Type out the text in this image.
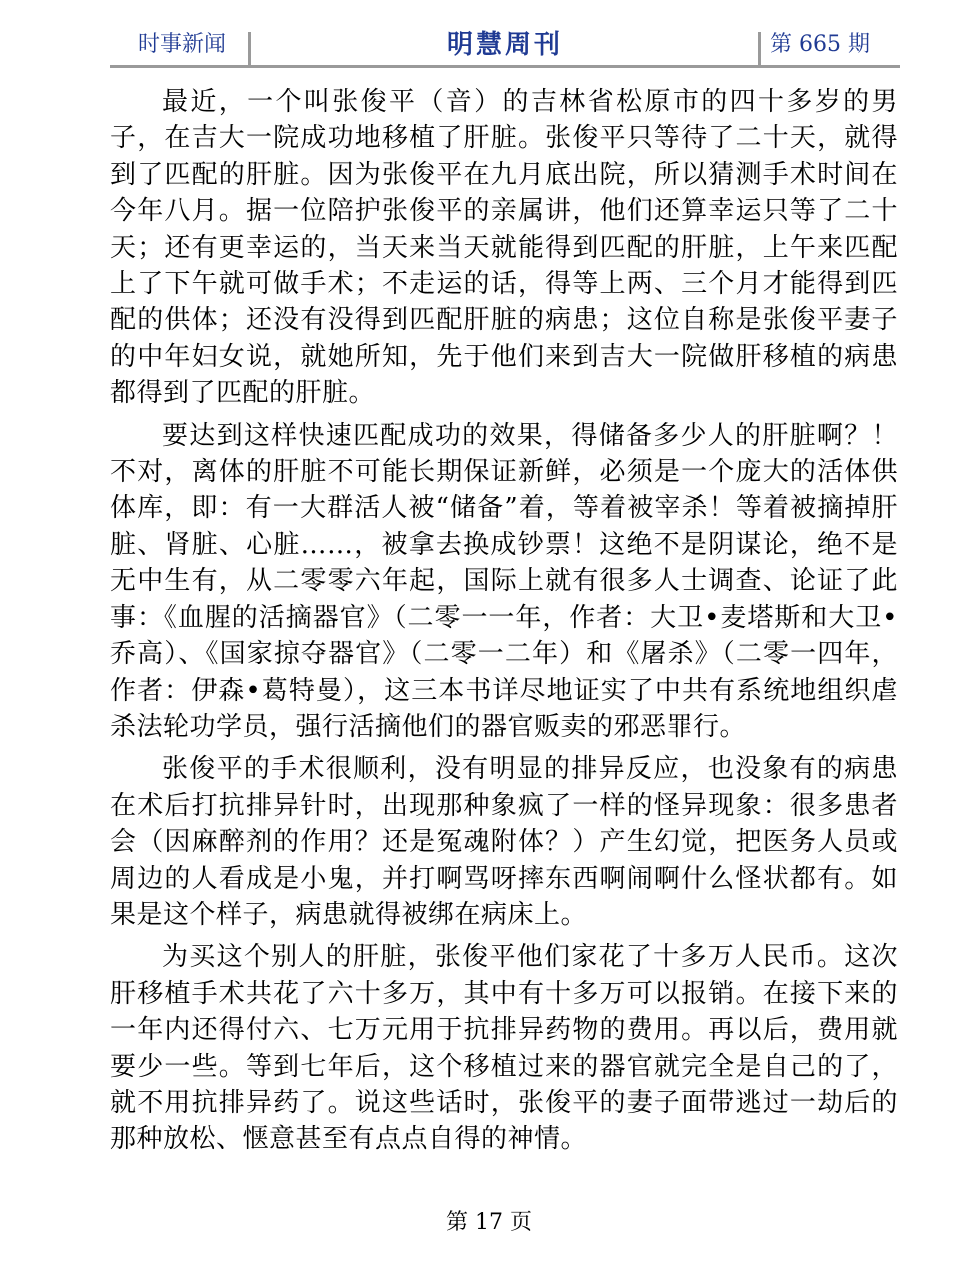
时事新闻	明慧周刊	第 665 期

最近，一个叫张俊平（音）的吉林省松原市的四十多岁的男子，在吉大一院成功地移植了肝脏。张俊平只等待了二十天，就得到了匹配的肝脏。因为张俊平在九月底出院，所以猜测手术时间在今年八月。据一位陪护张俊平的亲属讲，他们还算幸运只等了二十天；还有更幸运的，当天来当天就能得到匹配的肝脏，上午来匹配上了下午就可做手术；不走运的话，得等上两、三个月才能得到匹配的供体；还没有没得到匹配肝脏的病患；这位自称是张俊平妻子的中年妇女说，就她所知，先于他们来到吉大一院做肝移植的病患都得到了匹配的肝脏。

要达到这样快速匹配成功的效果，得储备多少人的肝脏啊？！不对，离体的肝脏不可能长期保证新鲜，必须是一个庞大的活体供体库，即：有一大群活人被“储备”着，等着被宰杀！等着被摘掉肝脏、肾脏、心脏……，被拿去换成钞票！这绝不是阴谋论，绝不是无中生有，从二零零六年起，国际上就有很多人士调查、论证了此事：《血腥的活摘器官》（二零一一年，作者：大卫•麦塔斯和大卫•乔高）、《国家掠夺器官》（二零一二年）和《屠杀》（二零一四年，作者：伊森•葛特曼），这三本书详尽地证实了中共有系统地组织虐杀法轮功学员，强行活摘他们的器官贩卖的邪恶罪行。

张俊平的手术很顺利，没有明显的排异反应，也没象有的病患在术后打抗排异针时，出现那种象疯了一样的怪异现象：很多患者会（因麻醉剂的作用？还是冤魂附体？）产生幻觉，把医务人员或周边的人看成是小鬼，并打啊骂呀摔东西啊闹啊什么怪状都有。如果是这个样子，病患就得被绑在病床上。

为买这个别人的肝脏，张俊平他们家花了十多万人民币。这次肝移植手术共花了六十多万，其中有十多万可以报销。在接下来的一年内还得付六、七万元用于抗排异药物的费用。再以后，费用就要少一些。等到七年后，这个移植过来的器官就完全是自己的了，就不用抗排异药了。说这些话时，张俊平的妻子面带逃过一劫后的那种放松、惬意甚至有点点自得的神情。

第 17 页
